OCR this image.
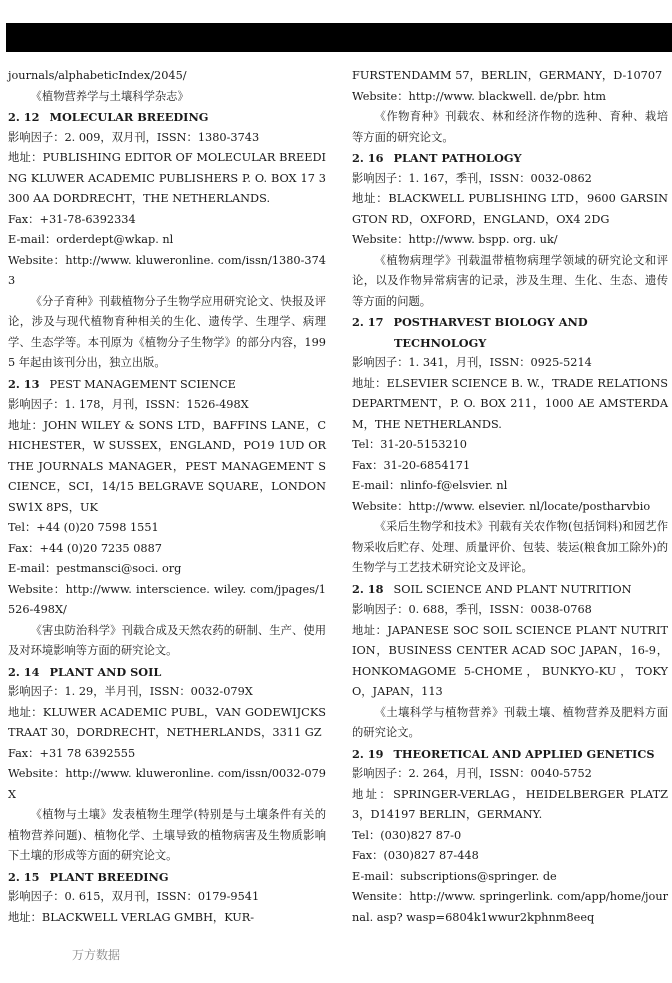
journals/alphabeticIndex/2045/

《植物营养学与土壤科学杂志》

2. 12 MOLECULAR BREEDING

影响因子：2. 009，双月刊，ISSN：1380-3743

地址：PUBLISHING EDITOR OF MOLECULAR BREEDING KLUWER ACADEMIC PUBLISHERS P. O. BOX 17 3300 AA DORDRECHT，THE NETHERLANDS.

Fax：+31-78-6392334

E-mail：orderdept@wkap. nl

Website：http://www. kluweronline. com/issn/1380-3743

《分子育种》刊载植物分子生物学应用研究论文、快报及评论，涉及与现代植物育种相关的生化、遗传学、生理学、病理学、生态学等。本刊原为《植物分子生物学》的部分内容，1995 年起由该刊分出，独立出版。

2. 13 PEST MANAGEMENT SCIENCE

影响因子：1. 178，月刊，ISSN：1526-498X

地址：JOHN WILEY & SONS LTD，BAFFINS LANE，CHICHESTER，W SUSSEX，ENGLAND，PO19 1UD OR THE JOURNALS MANAGER，PEST MANAGEMENT SCIENCE，SCI，14/15 BELGRAVE SQUARE，LONDON SW1X 8PS，UK

Tel：+44 (0)20 7598 1551

Fax：+44 (0)20 7235 0887

E-mail：pestmansci@soci. org

Website：http://www. interscience. wiley. com/jpages/1526-498X/

《害虫防治科学》刊载合成及天然农药的研制、生产、使用及对环境影响等方面的研究论文。

2. 14 PLANT AND SOIL

影响因子：1. 29，半月刊，ISSN：0032-079X

地址：KLUWER ACADEMIC PUBL，VAN GODEWIJCKSTRAAT 30，DORDRECHT，NETHERLANDS，3311 GZ

Fax：+31 78 6392555

Website：http://www. kluweronline. com/issn/0032-079X

《植物与土壤》发表植物生理学(特别是与土壤条件有关的植物营养问题)、植物化学、土壤导致的植物病害及生物质影响下土壤的形成等方面的研究论文。

2. 15 PLANT BREEDING

影响因子：0. 615，双月刊，ISSN：0179-9541

地址：BLACKWELL VERLAG GMBH，KUR-

FURSTENDAMM 57，BERLIN，GERMANY，D-10707

Website：http://www. blackwell. de/pbr. htm

《作物育种》刊载农、林和经济作物的选种、育种、栽培等方面的研究论文。

2. 16 PLANT PATHOLOGY

影响因子：1. 167，季刊，ISSN：0032-0862

地址：BLACKWELL PUBLISHING LTD，9600 GARSINGTON RD，OXFORD，ENGLAND，OX4 2DG

Website：http://www. bspp. org. uk/

《植物病理学》刊载温带植物病理学领域的研究论文和评论，以及作物异常病害的记录，涉及生理、生化、生态、遗传等方面的问题。

2. 17 POSTHARVEST BIOLOGY AND

TECHNOLOGY

影响因子：1. 341，月刊，ISSN：0925-5214

地址：ELSEVIER SCIENCE B. W.，TRADE RELATIONS DEPARTMENT，P. O. BOX 211，1000 AE AMSTERDAM，THE NETHERLANDS.

Tel：31-20-5153210

Fax：31-20-6854171

E-mail：nlinfo-f@elsvier. nl

Website：http://www. elsevier. nl/locate/postharvbio

《采后生物学和技术》刊载有关农作物(包括饲料)和园艺作物采收后贮存、处理、质量评价、包装、装运(粮食加工除外)的生物学与工艺技术研究论文及评论。

2. 18 SOIL SCIENCE AND PLANT NUTRITION

影响因子：0. 688，季刊，ISSN：0038-0768

地址：JAPANESE SOC SOIL SCIENCE PLANT NUTRITION，BUSINESS CENTER ACAD SOC JAPAN，16-9，HONKOMAGOME 5-CHOME，BUNKYO-KU，TOKYO，JAPAN，113

《土壤科学与植物营养》刊载土壤、植物营养及肥料方面的研究论文。

2. 19 THEORETICAL AND APPLIED GENETICS

影响因子：2. 264，月刊，ISSN：0040-5752

地址：SPRINGER-VERLAG，HEIDELBERGER PLATZ 3，D14197 BERLIN，GERMANY.

Tel：(030)827 87-0

Fax：(030)827 87-448

E-mail：subscriptions@springer. de

Wensite：http://www. springerlink. com/app/home/journal. asp? wasp=6804k1wwur2kphnm8eeq

万方数据
